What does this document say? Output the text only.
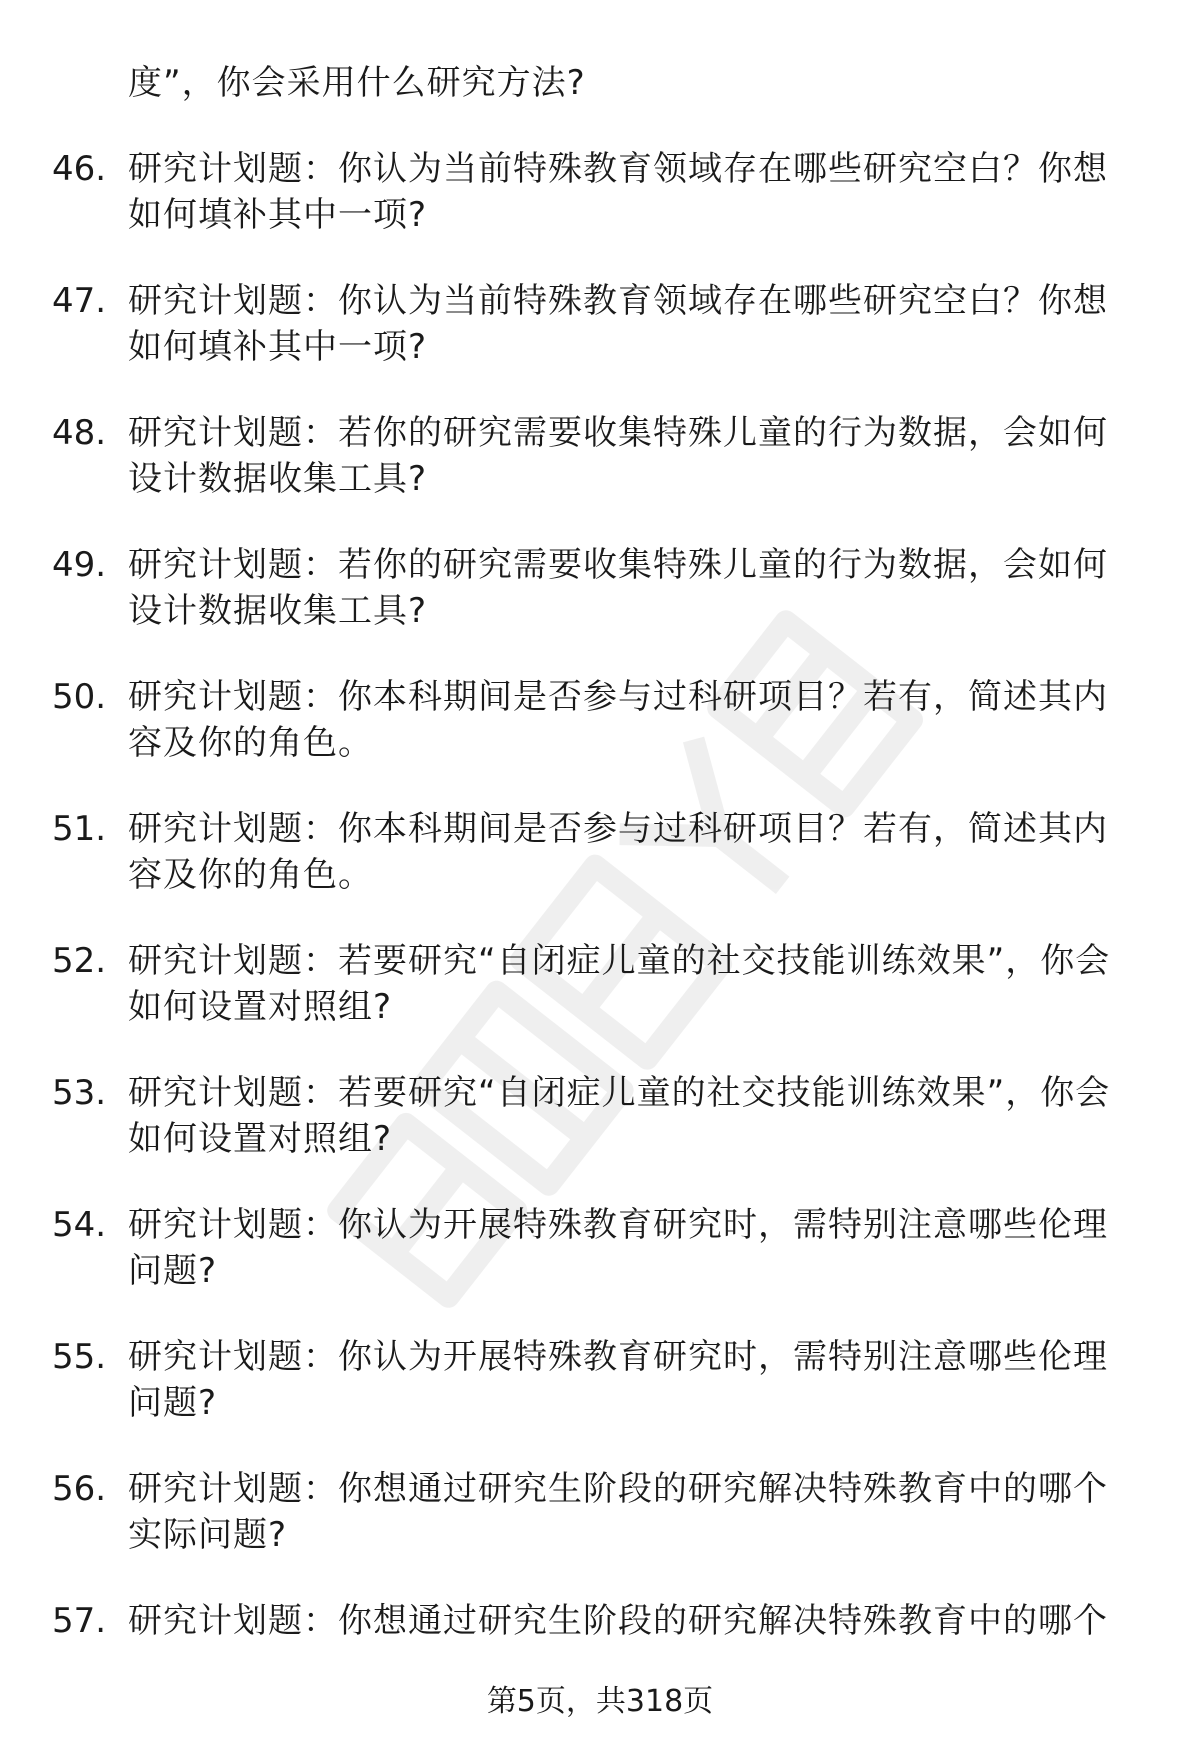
度”，你会采用什么研究方法?
46. 研究计划题：你认为当前特殊教育领域存在哪些研究空白？你想如何填补其中一项?
47. 研究计划题：你认为当前特殊教育领域存在哪些研究空白？你想如何填补其中一项?
48. 研究计划题：若你的研究需要收集特殊儿童的行为数据，会如何设计数据收集工具?
49. 研究计划题：若你的研究需要收集特殊儿童的行为数据，会如何设计数据收集工具?
50. 研究计划题：你本科期间是否参与过科研项目？若有，简述其内容及你的角色。
51. 研究计划题：你本科期间是否参与过科研项目？若有，简述其内容及你的角色。
52. 研究计划题：若要研究“自闭症儿童的社交技能训练效果”，你会如何设置对照组?
53. 研究计划题：若要研究“自闭症儿童的社交技能训练效果”，你会如何设置对照组?
54. 研究计划题：你认为开展特殊教育研究时，需特别注意哪些伦理问题?
55. 研究计划题：你认为开展特殊教育研究时，需特别注意哪些伦理问题?
56. 研究计划题：你想通过研究生阶段的研究解决特殊教育中的哪个实际问题?
57. 研究计划题：你想通过研究生阶段的研究解决特殊教育中的哪个
第5页，共318页
